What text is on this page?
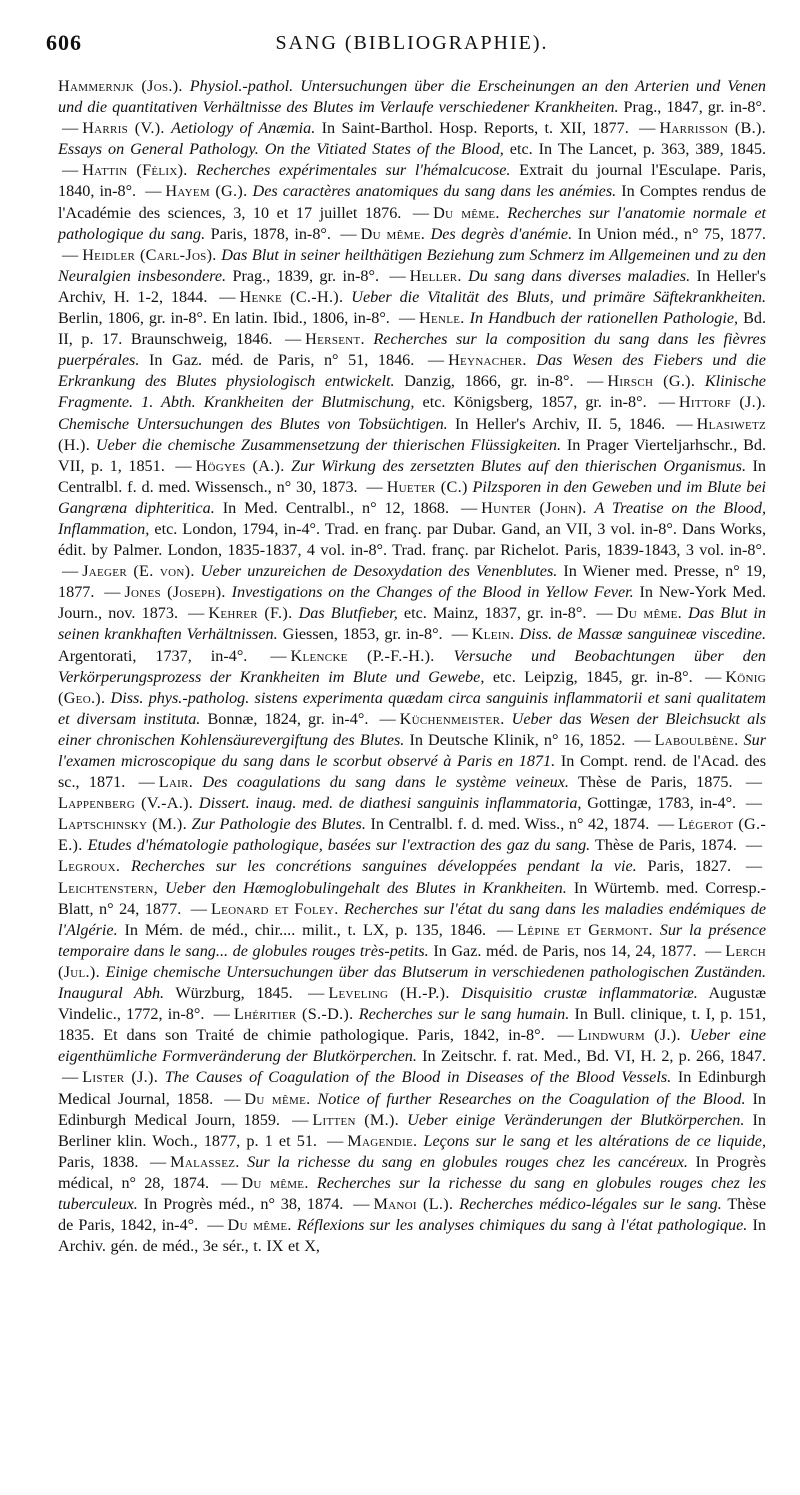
606	SANG (BIBLIOGRAPHIE).
Hammernjk (Jos.). Physiol.-pathol. Untersuchungen über die Erscheinungen an den Arterien und Venen und die quantitativen Verhältnisse des Blutes im Verlaufe verschiedener Krankheiten. Prag., 1847, gr. in-8°. — Harris (V.). Aetiology of Anæmia. In Saint-Barthol. Hosp. Reports, t. XII, 1877. — Harrisson (B.). Essays on General Pathology. On the Vitiated States of the Blood, etc. In The Lancet, p. 363, 389, 1845. — Hattin (Félix). Recherches expérimentales sur l'hémalcucose. Extrait du journal l'Esculape. Paris, 1840, in-8°. — Hayem (G.). Des caractères anatomiques du sang dans les anémies. In Comptes rendus de l'Académie des sciences, 3, 10 et 17 juillet 1876. — Du même. Recherches sur l'anatomie normale et pathologique du sang. Paris, 1878, in-8°. — Du même. Des degrès d'anémie. In Union méd., n° 75, 1877. — Heidler (Carl-Jos). Das Blut in seiner heilthätigen Beziehung zum Schmerz im Allgemeinen und zu den Neuralgien insbesondere. Prag., 1839, gr. in-8°. — Heller. Du sang dans diverses maladies. In Heller's Archiv, H. 1-2, 1844. — Henke (C.-H.). Ueber die Vitalität des Bluts, und primäre Säftekrankheiten. Berlin, 1806, gr. in-8°. En latin. Ibid., 1806, in-8°. — Henle. In Handbuch der rationellen Pathologie, Bd. II, p. 17. Braunschweig, 1846. — Hersent. Recherches sur la composition du sang dans les fièvres puerpérales. In Gaz. méd. de Paris, n° 51, 1846. — Heynacher. Das Wesen des Fiebers und die Erkrankung des Blutes physiologisch entwickelt. Danzig, 1866, gr. in-8°. — Hirsch (G.). Klinische Fragmente. 1. Abth. Krankheiten der Blutmischung, etc. Königsberg, 1857, gr. in-8°. — Hittorf (J.). Chemische Untersuchungen des Blutes von Tobsüchtigen. In Heller's Archiv, II. 5, 1846. — Hlasiwetz (H.). Ueber die chemische Zusammensetzung der thierischen Flüssigkeiten. In Prager Vierteljarhschr., Bd. VII, p. 1, 1851. — Högyes (A.). Zur Wirkung des zersetzten Blutes auf den thierischen Organismus. In Centralbl. f. d. med. Wissensch., n° 30, 1873. — Hueter (C.) Pilzsporen in den Geweben und im Blute bei Gangræna diphteritica. In Med. Centralbl., n° 12, 1868. — Hunter (John). A Treatise on the Blood, Inflammation, etc. London, 1794, in-4°. Trad. en franç. par Dubar. Gand, an VII, 3 vol. in-8°. Dans Works, édit. by Palmer. London, 1835-1837, 4 vol. in-8°. Trad. franç. par Richelot. Paris, 1839-1843, 3 vol. in-8°. — Jaeger (E. von). Ueber unzureichen de Desoxydation des Venenblutes. In Wiener med. Presse, n° 19, 1877. — Jones (Joseph). Investigations on the Changes of the Blood in Yellow Fever. In New-York Med. Journ., nov. 1873. — Kehrer (F.). Das Blutfieber, etc. Mainz, 1837, gr. in-8°. — Du même. Das Blut in seinen krankhaften Verhältnissen. Giessen, 1853, gr. in-8°. — Klein. Diss. de Massæ sanguineæ viscedine. Argentorati, 1737, in-4°. — Klencke (P.-F.-H.). Versuche und Beobachtungen über den Verkörperungsprozess der Krankheiten im Blute und Gewebe, etc. Leipzig, 1845, gr. in-8°. — König (Geo.). Diss. phys.-patholog. sistens experimenta quædam circa sanguinis inflammatorii et sani qualitatem et diversam instituta. Bonnæ, 1824, gr. in-4°. — Küchenmeister. Ueber das Wesen der Bleichsuckt als einer chronischen Kohlensäurevergiftung des Blutes. In Deutsche Klinik, n° 16, 1852. — Laboulbène. Sur l'examen microscopique du sang dans le scorbut observé à Paris en 1871. In Compt. rend. de l'Acad. des sc., 1871. — Lair. Des coagulations du sang dans le système veineux. Thèse de Paris, 1875. —Lappenberg (V.-A.). Dissert. inaug. med. de diathesi sanguinis inflammatoria, Gottingæ, 1783, in-4°. —Laptschinsky (M.). Zur Pathologie des Blutes. In Centralbl. f. d. med. Wiss., n° 42, 1874. — Légerot (G.-E.). Etudes d'hématologie pathologique, basées sur l'extraction des gaz du sang. Thèse de Paris, 1874. —Legroux. Recherches sur les concrétions sanguines développées pendant la vie. Paris, 1827. —Leichtenstern, Ueber den Hæmoglobulingehalt des Blutes in Krankheiten. In Würtemb. med. Corresp.-Blatt, n° 24, 1877. — Leonard et Foley. Recherches sur l'état du sang dans les maladies endémiques de l'Algérie. In Mém. de méd., chir.... milit., t. LX, p. 135, 1846. — Lépine et Germont. Sur la présence temporaire dans le sang... de globules rouges très-petits. In Gaz. méd. de Paris, nos 14, 24, 1877. — Lerch (Jul.). Einige chemische Untersuchungen über das Blutserum in verschiedenen pathologischen Zuständen. Inaugural Abh. Würzburg, 1845. — Leveling (H.-P.). Disquisitio crustæ inflammatoriæ. Augustæ Vindelic., 1772, in-8°. — Lhéritier (S.-D.). Recherches sur le sang humain. In Bull. clinique, t. I, p. 151, 1835. Et dans son Traité de chimie pathologique. Paris, 1842, in-8°. — Lindwurm (J.). Ueber eine eigenthümliche Formveränderung der Blutkörperchen. In Zeitschr. f. rat. Med., Bd. VI, H. 2, p. 266, 1847. — Lister (J.). The Causes of Coagulation of the Blood in Diseases of the Blood Vessels. In Edinburgh Medical Journal, 1858. — Du même. Notice of further Researches on the Coagulation of the Blood. In Edinburgh Medical Journ, 1859. — Litten (M.). Ueber einige Veränderungen der Blutkörperchen. In Berliner klin. Woch., 1877, p. 1 et 51. — Magendie. Leçons sur le sang et les altérations de ce liquide, Paris, 1838. — Malassez. Sur la richesse du sang en globules rouges chez les cancéreux. In Progrès médical, n° 28, 1874. — Du même. Recherches sur la richesse du sang en globules rouges chez les tuberculeux. In Progrès méd., n° 38, 1874. — Manoi (L.). Recherches médico-légales sur le sang. Thèse de Paris, 1842, in-4°. — Du même. Réflexions sur les analyses chimiques du sang à l'état pathologique. In Archiv. gén. de méd., 3e sér., t. IX et X,
